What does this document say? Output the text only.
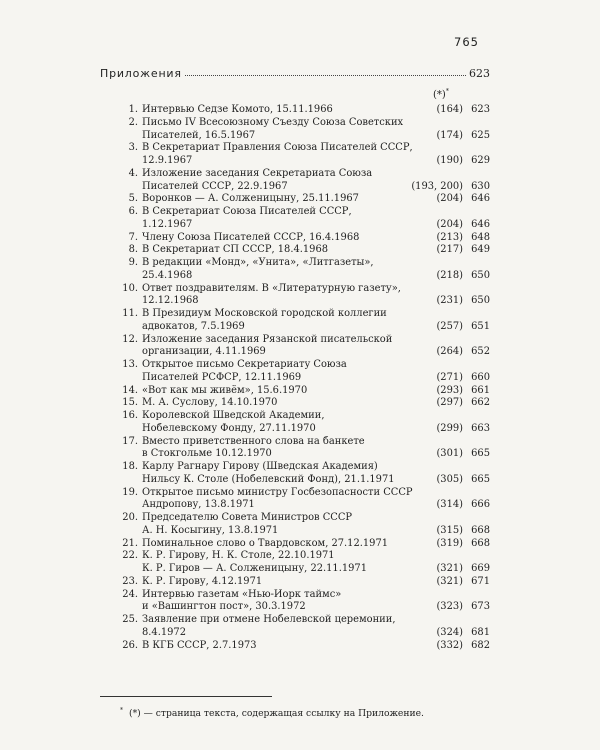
765
Приложения	623
(*)*
1. Интервью Седзе Комото, 15.11.1966	(164) 623
2. Письмо IV Всесоюзному Съезду Союза Советских
Писателей, 16.5.1967	(174) 625
3. В Секретариат Правления Союза Писателей СССР,
12.9.1967	(190) 629
4. Изложение заседания Секретариата Союза
Писателей СССР, 22.9.1967	(193, 200) 630
5. Воронков — А. Солженицыну, 25.11.1967	(204) 646
6. В Секретариат Союза Писателей СССР,
1.12.1967	(204) 646
7. Члену Союза Писателей СССР, 16.4.1968	(213) 648
8. В Секретариат СП СССР, 18.4.1968	(217) 649
9. В редакции «Монд», «Унита», «Литгазеты»,
25.4.1968	(218) 650
10. Ответ поздравителям. В «Литературную газету»,
12.12.1968	(231) 650
11. В Президиум Московской городской коллегии
адвокатов, 7.5.1969	(257) 651
12. Изложение заседания Рязанской писательской
организации, 4.11.1969	(264) 652
13. Открытое письмо Секретариату Союза
Писателей РСФСР, 12.11.1969	(271) 660
14. «Вот как мы живём», 15.6.1970	(293) 661
15. М. А. Суслову, 14.10.1970	(297) 662
16. Королевской Шведской Академии,
Нобелевскому Фонду, 27.11.1970	(299) 663
17. Вместо приветственного слова на банкете
в Стокгольме 10.12.1970	(301) 665
18. Карлу Рагнару Гирову (Шведская Академия)
Нильсу К. Столе (Нобелевский Фонд), 21.1.1971	(305) 665
19. Открытое письмо министру Госбезопасности СССР
Андропову, 13.8.1971	(314) 666
20. Председателю Совета Министров СССР
А. Н. Косыгину, 13.8.1971	(315) 668
21. Поминальное слово о Твардовском, 27.12.1971	(319) 668
22. К. Р. Гирову, Н. К. Столе, 22.10.1971
К. Р. Гиров — А. Солженицыну, 22.11.1971	(321) 669
23. К. Р. Гирову, 4.12.1971	(321) 671
24. Интервью газетам «Нью-Йорк таймс»
и «Вашингтон пост», 30.3.1972	(323) 673
25. Заявление при отмене Нобелевской церемонии,
8.4.1972	(324) 681
26. В КГБ СССР, 2.7.1973	(332) 682
* (*) — страница текста, содержащая ссылку на Приложение.
